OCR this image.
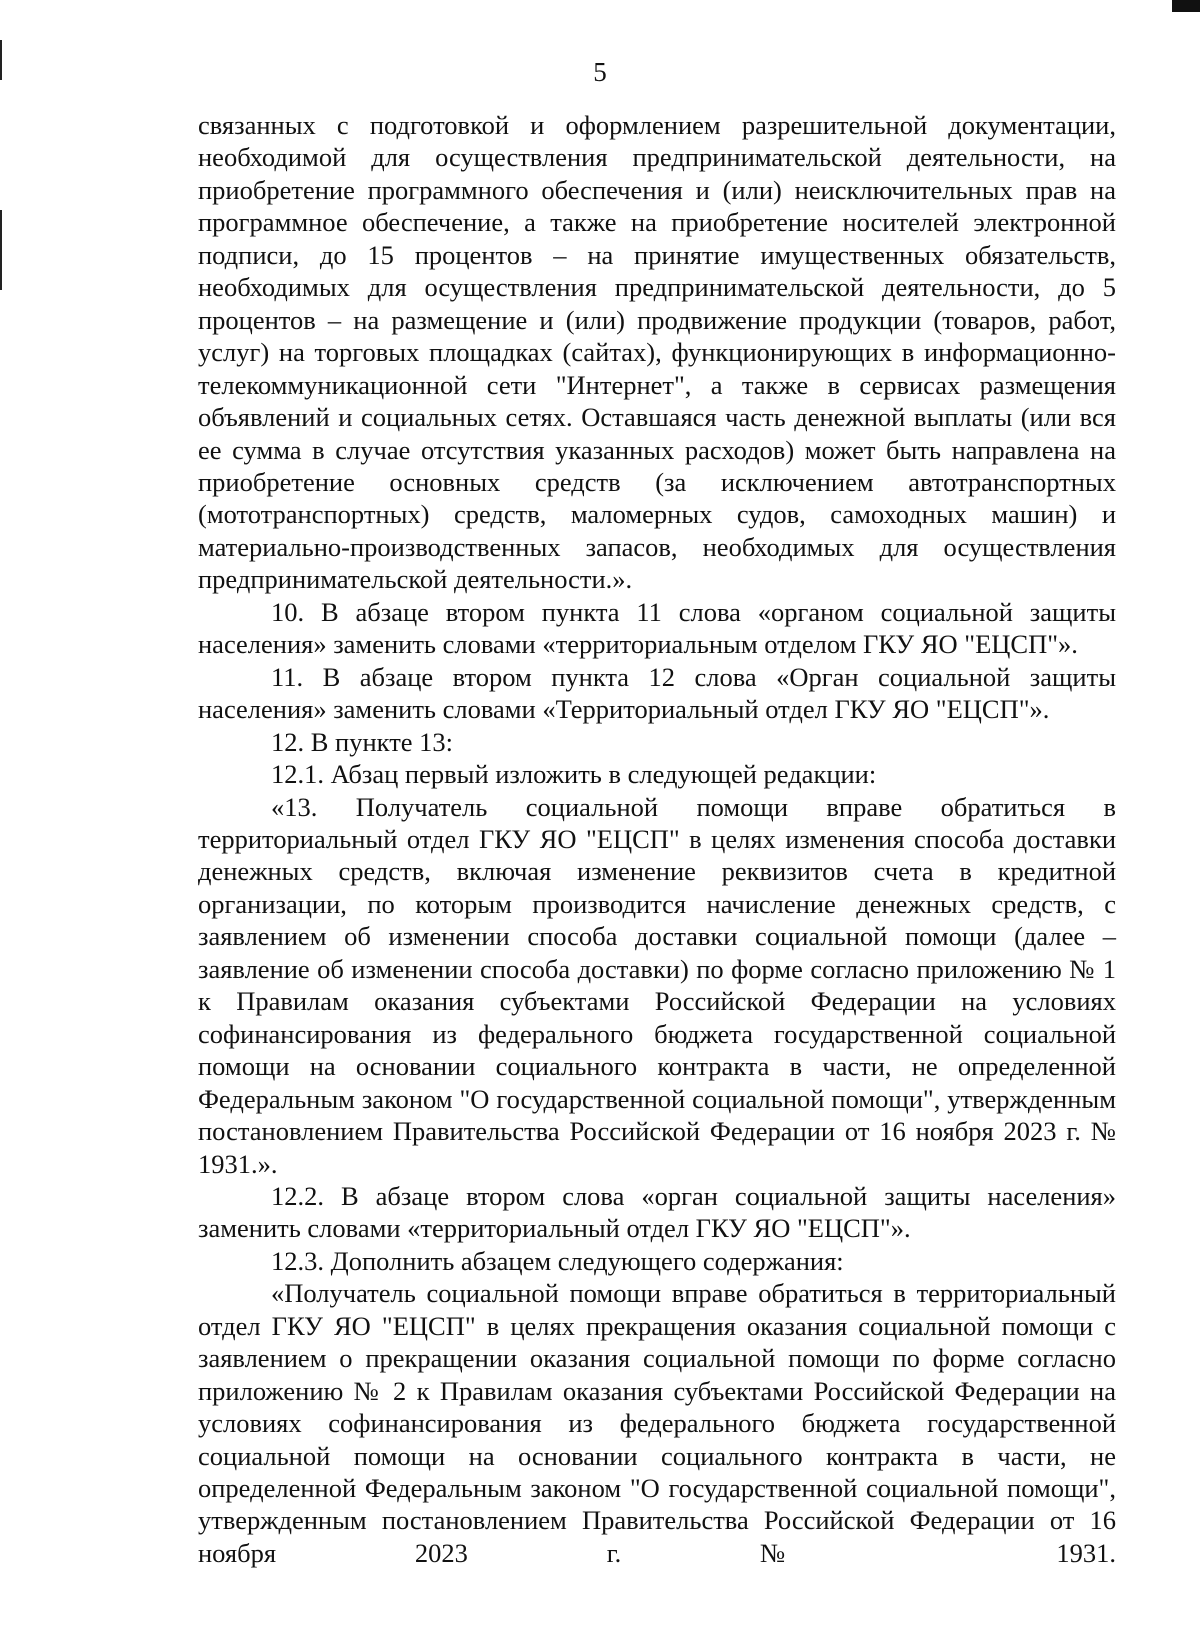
5

связанных с подготовкой и оформлением разрешительной документации, необходимой для осуществления предпринимательской деятельности, на приобретение программного обеспечения и (или) неисключительных прав на программное обеспечение, а также на приобретение носителей электронной подписи, до 15 процентов – на принятие имущественных обязательств, необходимых для осуществления предпринимательской деятельности, до 5 процентов – на размещение и (или) продвижение продукции (товаров, работ, услуг) на торговых площадках (сайтах), функционирующих в информационно-телекоммуникационной сети "Интернет", а также в сервисах размещения объявлений и социальных сетях. Оставшаяся часть денежной выплаты (или вся ее сумма в случае отсутствия указанных расходов) может быть направлена на приобретение основных средств (за исключением автотранспортных (мототранспортных) средств, маломерных судов, самоходных машин) и материально-производственных запасов, необходимых для осуществления предпринимательской деятельности.».

10. В абзаце втором пункта 11 слова «органом социальной защиты населения» заменить словами «территориальным отделом ГКУ ЯО "ЕЦСП"».

11. В абзаце втором пункта 12 слова «Орган социальной защиты населения» заменить словами «Территориальный отдел ГКУ ЯО "ЕЦСП"».

12. В пункте 13:

12.1. Абзац первый изложить в следующей редакции:

«13. Получатель социальной помощи вправе обратиться в территориальный отдел ГКУ ЯО "ЕЦСП" в целях изменения способа доставки денежных средств, включая изменение реквизитов счета в кредитной организации, по которым производится начисление денежных средств, с заявлением об изменении способа доставки социальной помощи (далее – заявление об изменении способа доставки) по форме согласно приложению № 1 к Правилам оказания субъектами Российской Федерации на условиях софинансирования из федерального бюджета государственной социальной помощи на основании социального контракта в части, не определенной Федеральным законом "О государственной социальной помощи", утвержденным постановлением Правительства Российской Федерации от 16 ноября 2023 г. № 1931.».

12.2. В абзаце втором слова «орган социальной защиты населения» заменить словами «территориальный отдел ГКУ ЯО "ЕЦСП"».

12.3. Дополнить абзацем следующего содержания:

«Получатель социальной помощи вправе обратиться в территориальный отдел ГКУ ЯО "ЕЦСП" в целях прекращения оказания социальной помощи с заявлением о прекращении оказания социальной помощи по форме согласно приложению № 2 к Правилам оказания субъектами Российской Федерации на условиях софинансирования из федерального бюджета государственной социальной помощи на основании социального контракта в части, не определенной Федеральным законом "О государственной социальной помощи", утвержденным постановлением Правительства Российской Федерации от 16 ноября 2023 г. № 1931.
